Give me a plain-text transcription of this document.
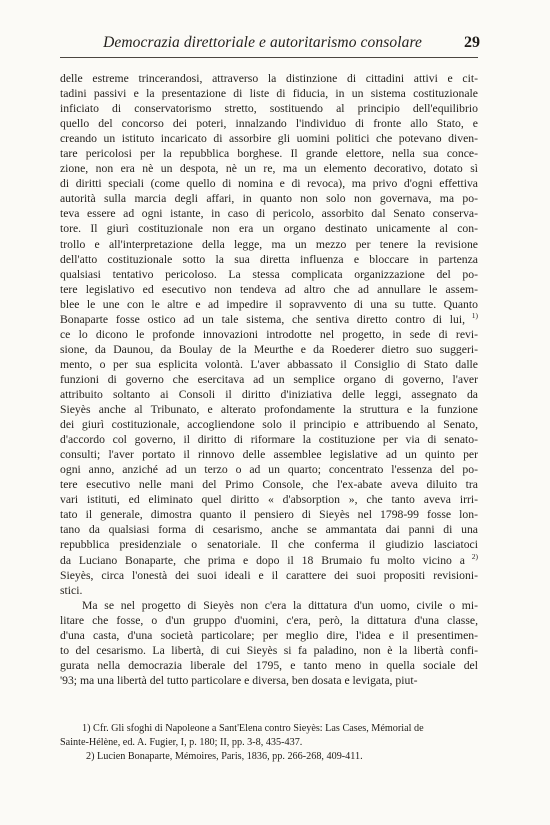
Democrazia direttoriale e autoritarismo consolare	29
delle estreme trincerandosi, attraverso la distinzione di cittadini attivi e cit-
tadini passivi e la presentazione di liste di fiducia, in un sistema costituzionale
inficiato di conservatorismo stretto, sostituendo al principio dell'equilibrio
quello del concorso dei poteri, innalzando l'individuo di fronte allo Stato, e
creando un istituto incaricato di assorbire gli uomini politici che potevano diven-
tare pericolosi per la repubblica borghese. Il grande elettore, nella sua conce-
zione, non era nè un despota, nè un re, ma un elemento decorativo, dotato sì
di diritti speciali (come quello di nomina e di revoca), ma privo d'ogni effettiva
autorità sulla marcia degli affari, in quanto non solo non governava, ma po-
teva essere ad ogni istante, in caso di pericolo, assorbito dal Senato conserva-
tore. Il giurì costituzionale non era un organo destinato unicamente al con-
trollo e all'interpretazione della legge, ma un mezzo per tenere la revisione
dell'atto costituzionale sotto la sua diretta influenza e bloccare in partenza
qualsiasi tentativo pericoloso. La stessa complicata organizzazione del po-
tere legislativo ed esecutivo non tendeva ad altro che ad annullare le assem-
blee le une con le altre e ad impedire il sopravvento di una su tutte. Quanto
Bonaparte fosse ostico ad un tale sistema, che sentiva diretto contro di lui, $^{1)}$
ce lo dicono le profonde innovazioni introdotte nel progetto, in sede di revi-
sione, da Daunou, da Boulay de la Meurthe e da Roederer dietro suo suggeri-
mento, o per sua esplicita volontà. L'aver abbassato il Consiglio di Stato dalle
funzioni di governo che esercitava ad un semplice organo di governo, l'aver
attribuito soltanto ai Consoli il diritto d'iniziativa delle leggi, assegnato da
Sieyès anche al Tribunato, e alterato profondamente la struttura e la funzione
dei giurì costituzionale, accogliendone solo il principio e attribuendo al Senato,
d'accordo col governo, il diritto di riformare la costituzione per via di senato-
consulti; l'aver portato il rinnovo delle assemblee legislative ad un quinto per
ogni anno, anziché ad un terzo o ad un quarto; concentrato l'essenza del po-
tere esecutivo nelle mani del Primo Console, che l'ex-abate aveva diluito tra
vari istituti, ed eliminato quel diritto « d'absorption », che tanto aveva irri-
tato il generale, dimostra quanto il pensiero di Sieyès nel 1798-99 fosse lon-
tano da qualsiasi forma di cesarismo, anche se ammantata dai panni di una
repubblica presidenziale o senatoriale. Il che conferma il giudizio lasciatoci
da Luciano Bonaparte, che prima e dopo il 18 Brumaio fu molto vicino a $^{2)}$
Sieyès, circa l'onestà dei suoi ideali e il carattere dei suoi propositi revisioni-
stici.
Ma se nel progetto di Sieyès non c'era la dittatura d'un uomo, civile o mi-
litare che fosse, o d'un gruppo d'uomini, c'era, però, la dittatura d'una classe,
d'una casta, d'una società particolare; per meglio dire, l'idea e il presentimen-
to del cesarismo. La libertà, di cui Sieyès si fa paladino, non è la libertà confi-
gurata nella democrazia liberale del 1795, e tanto meno in quella sociale del
'93; ma una libertà del tutto particolare e diversa, ben dosata e levigata, piut-
1) Cfr. Gli sfoghi di Napoleone a Sant'Elena contro Sieyès: Las Cases, Mémorial de
Sainte-Hélène, ed. A. Fugier, I, p. 180; II, pp. 3-8, 435-437.
2) Lucien Bonaparte, Mémoires, Paris, 1836, pp. 266-268, 409-411.
